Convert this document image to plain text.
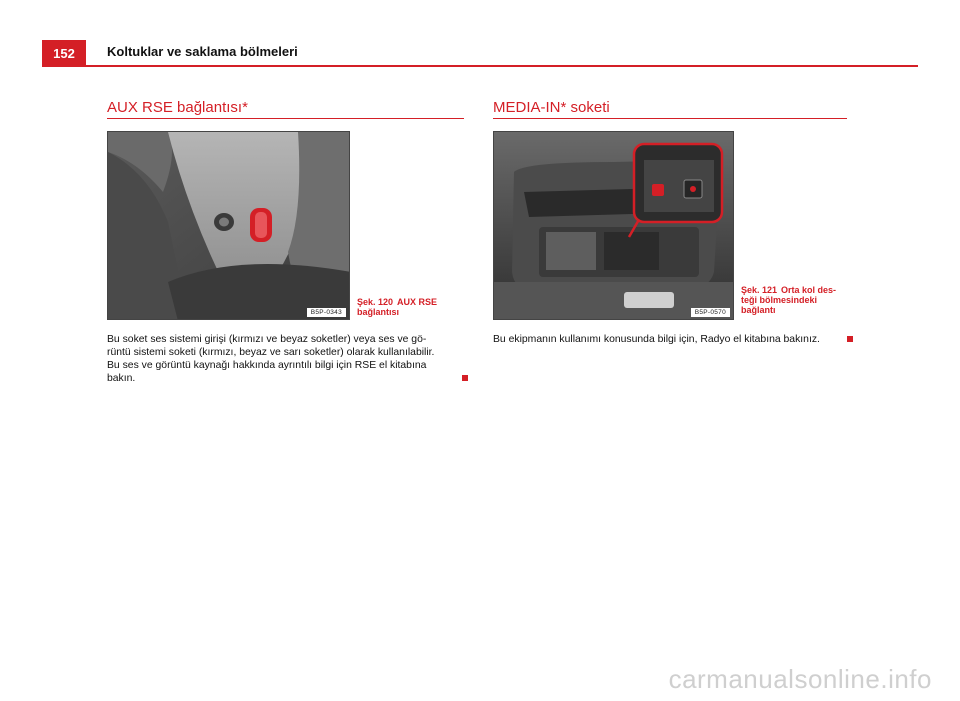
152	Koltuklar ve saklama bölmeleri
AUX RSE bağlantısı*
B5P-0343
Şek. 120 AUX RSE
bağlantısı
Bu soket ses sistemi girişi (kırmızı ve beyaz soketler) veya ses ve gö-
rüntü sistemi soketi (kırmızı, beyaz ve sarı soketler) olarak kullanılabilir.
Bu ses ve görüntü kaynağı hakkında ayrıntılı bilgi için RSE el kitabına
bakın.
MEDIA-IN* soketi
B5P-0570
Şek. 121 Orta kol des-
teği bölmesindeki
bağlantı
Bu ekipmanın kullanımı konusunda bilgi için, Radyo el kitabına bakınız.
carmanualsonline.info
